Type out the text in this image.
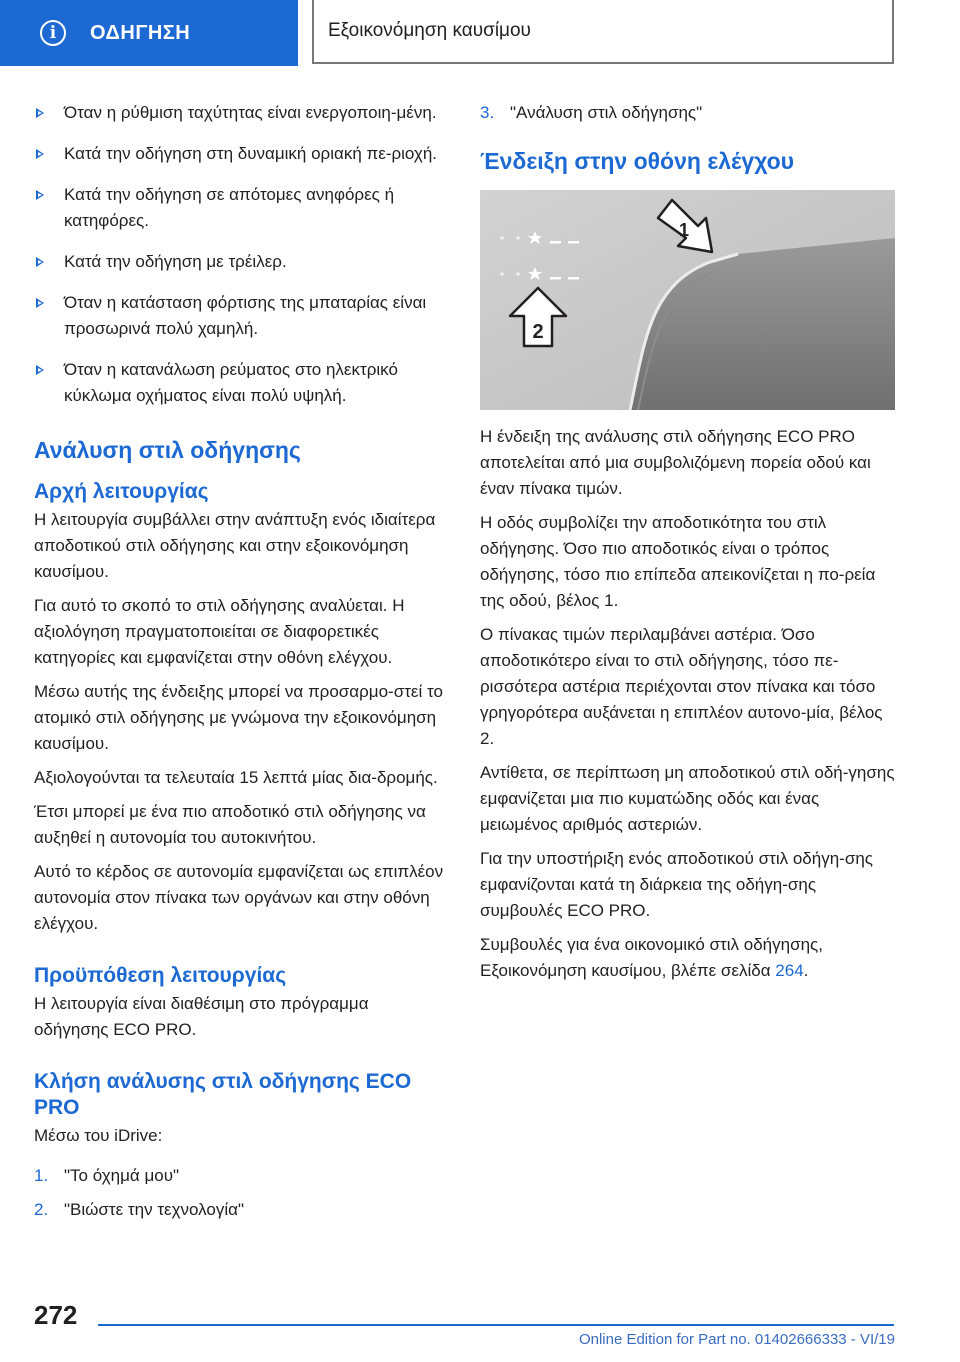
i	ΟΔΗΓΗΣΗ	Εξοικονόμηση καυσίμου
Όταν η ρύθμιση ταχύτητας είναι ενεργοποιη-μένη.
Κατά την οδήγηση στη δυναμική οριακή πε-ριοχή.
Κατά την οδήγηση σε απότομες ανηφόρες ή κατηφόρες.
Κατά την οδήγηση με τρέιλερ.
Όταν η κατάσταση φόρτισης της μπαταρίας είναι προσωρινά πολύ χαμηλή.
Όταν η κατανάλωση ρεύματος στο ηλεκτρικό κύκλωμα οχήματος είναι πολύ υψηλή.
Ανάλυση στιλ οδήγησης
Αρχή λειτουργίας

Η λειτουργία συμβάλλει στην ανάπτυξη ενός ιδιαίτερα αποδοτικού στιλ οδήγησης και στην εξοικονόμηση καυσίμου.

Για αυτό το σκοπό το στιλ οδήγησης αναλύεται. Η αξιολόγηση πραγματοποιείται σε διαφορετικές κατηγορίες και εμφανίζεται στην οθόνη ελέγχου.

Μέσω αυτής της ένδειξης μπορεί να προσαρμο-στεί το ατομικό στιλ οδήγησης με γνώμονα την εξοικονόμηση καυσίμου.

Αξιολογούνται τα τελευταία 15 λεπτά μίας δια-δρομής.

Έτσι μπορεί με ένα πιο αποδοτικό στιλ οδήγησης να αυξηθεί η αυτονομία του αυτοκινήτου.

Αυτό το κέρδος σε αυτονομία εμφανίζεται ως επιπλέον αυτονομία στον πίνακα των οργάνων και στην οθόνη ελέγχου.

Προϋπόθεση λειτουργίας

Η λειτουργία είναι διαθέσιμη στο πρόγραμμα οδήγησης ECO PRO.

Κλήση ανάλυσης στιλ οδήγησης ECO PRO

Μέσω του iDrive:

1. "Το όχημά μου"
2. "Βιώστε την τεχνολογία"
3. "Ανάλυση στιλ οδήγησης"
Ένδειξη στην οθόνη ελέγχου
1
2

Η ένδειξη της ανάλυσης στιλ οδήγησης ECO PRO αποτελείται από μια συμβολιζόμενη πορεία οδού και έναν πίνακα τιμών.

Η οδός συμβολίζει την αποδοτικότητα του στιλ οδήγησης. Όσο πιο αποδοτικός είναι ο τρόπος οδήγησης, τόσο πιο επίπεδα απεικονίζεται η πο-ρεία της οδού, βέλος 1.

Ο πίνακας τιμών περιλαμβάνει αστέρια. Όσο αποδοτικότερο είναι το στιλ οδήγησης, τόσο πε-ρισσότερα αστέρια περιέχονται στον πίνακα και τόσο γρηγορότερα αυξάνεται η επιπλέον αυτονο-μία, βέλος 2.

Αντίθετα, σε περίπτωση μη αποδοτικού στιλ οδή-γησης εμφανίζεται μια πιο κυματώδης οδός και ένας μειωμένος αριθμός αστεριών.

Για την υποστήριξη ενός αποδοτικού στιλ οδήγη-σης εμφανίζονται κατά τη διάρκεια της οδήγη-σης συμβουλές ECO PRO.

Συμβουλές για ένα οικονομικό στιλ οδήγησης, Εξοικονόμηση καυσίμου, βλέπε σελίδα 264.

272
Online Edition for Part no. 01402666333 - VI/19
